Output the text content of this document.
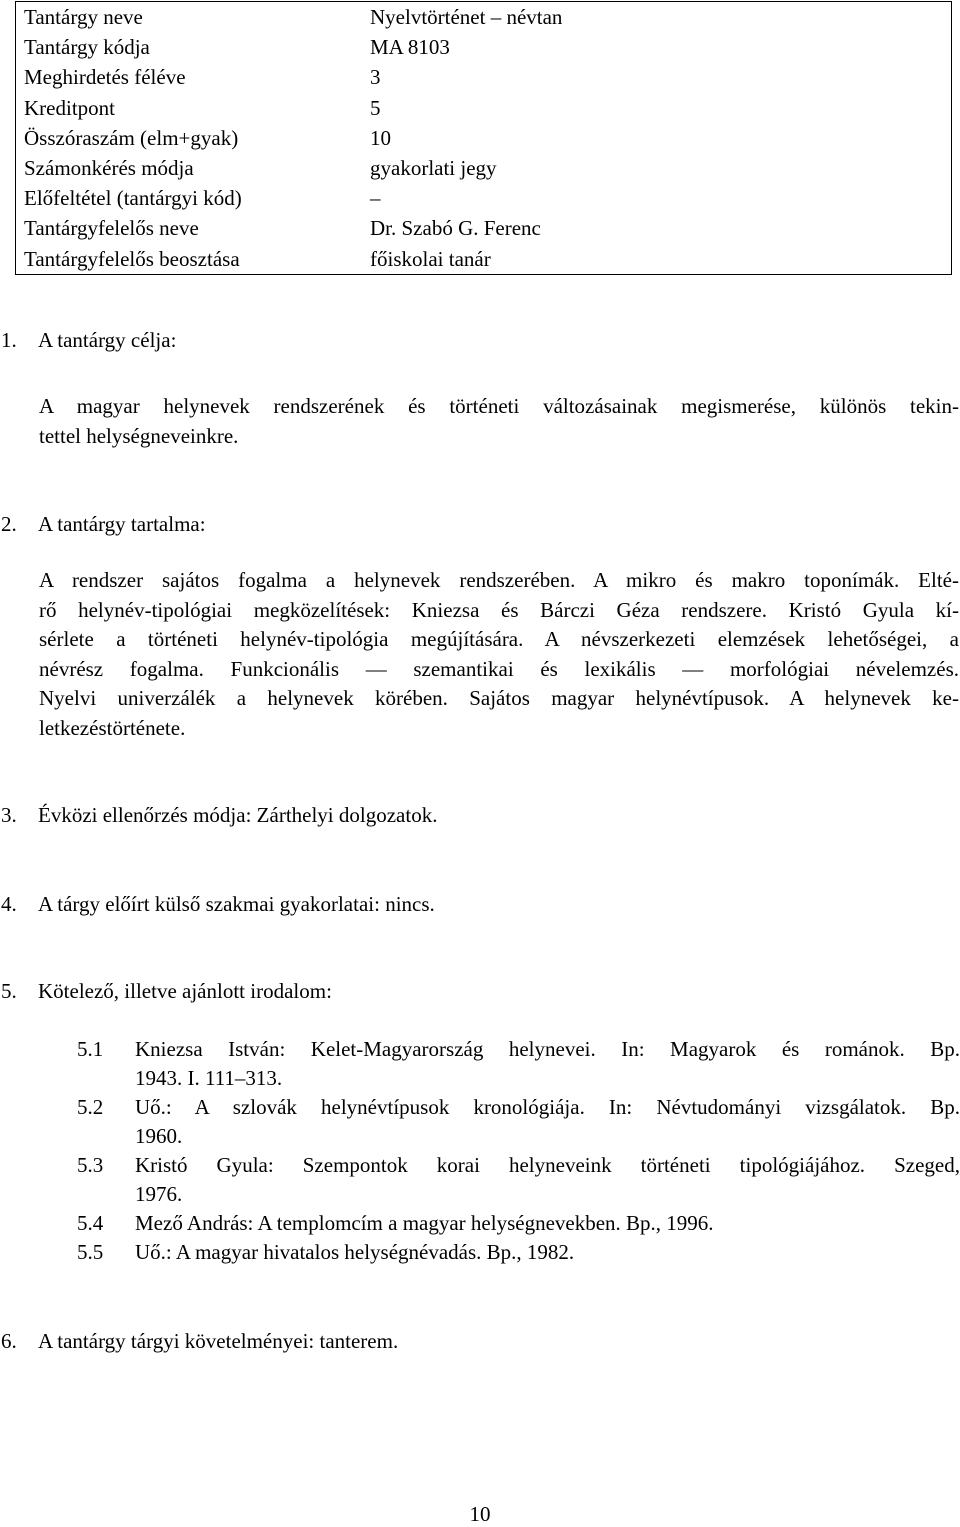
Tantárgy neve	Nyelvtörténet – névtan
Tantárgy kódja	MA 8103
Meghirdetés féléve	3
Kreditpont	5
Összóraszám (elm+gyak)	10
Számonkérés módja	gyakorlati jegy
Előfeltétel (tantárgyi kód)	–
Tantárgyfelelős neve	Dr. Szabó G. Ferenc
Tantárgyfelelős beosztása	főiskolai tanár
1. A tantárgy célja:
A magyar helynevek rendszerének és történeti változásainak megismerése, különös tekin-
tettel helységneveinkre.
2. A tantárgy tartalma:
A rendszer sajátos fogalma a helynevek rendszerében. A mikro és makro toponímák. Elté-
rő helynév-tipológiai megközelítések: Kniezsa és Bárczi Géza rendszere. Kristó Gyula kí-
sérlete a történeti helynév-tipológia megújítására. A névszerkezeti elemzések lehetőségei, a
névrész fogalma. Funkcionális — szemantikai és lexikális — morfológiai névelemzés.
Nyelvi univerzálék a helynevek körében. Sajátos magyar helynévtípusok. A helynevek ke-
letkezéstörténete.
3. Évközi ellenőrzés módja: Zárthelyi dolgozatok.
4. A tárgy előírt külső szakmai gyakorlatai: nincs.
5. Kötelező, illetve ajánlott irodalom:
5.1	Kniezsa István: Kelet-Magyarország helynevei. In: Magyarok és románok. Bp.
1943. I. 111–313.
5.2	Uő.: A szlovák helynévtípusok kronológiája. In: Névtudományi vizsgálatok. Bp.
1960.
5.3	Kristó Gyula: Szempontok korai helyneveink történeti tipológiájához. Szeged,
1976.
5.4	Mező András: A templomcím a magyar helységnevekben. Bp., 1996.
5.5	Uő.: A magyar hivatalos helységnévadás. Bp., 1982.
6. A tantárgy tárgyi követelményei: tanterem.
10
